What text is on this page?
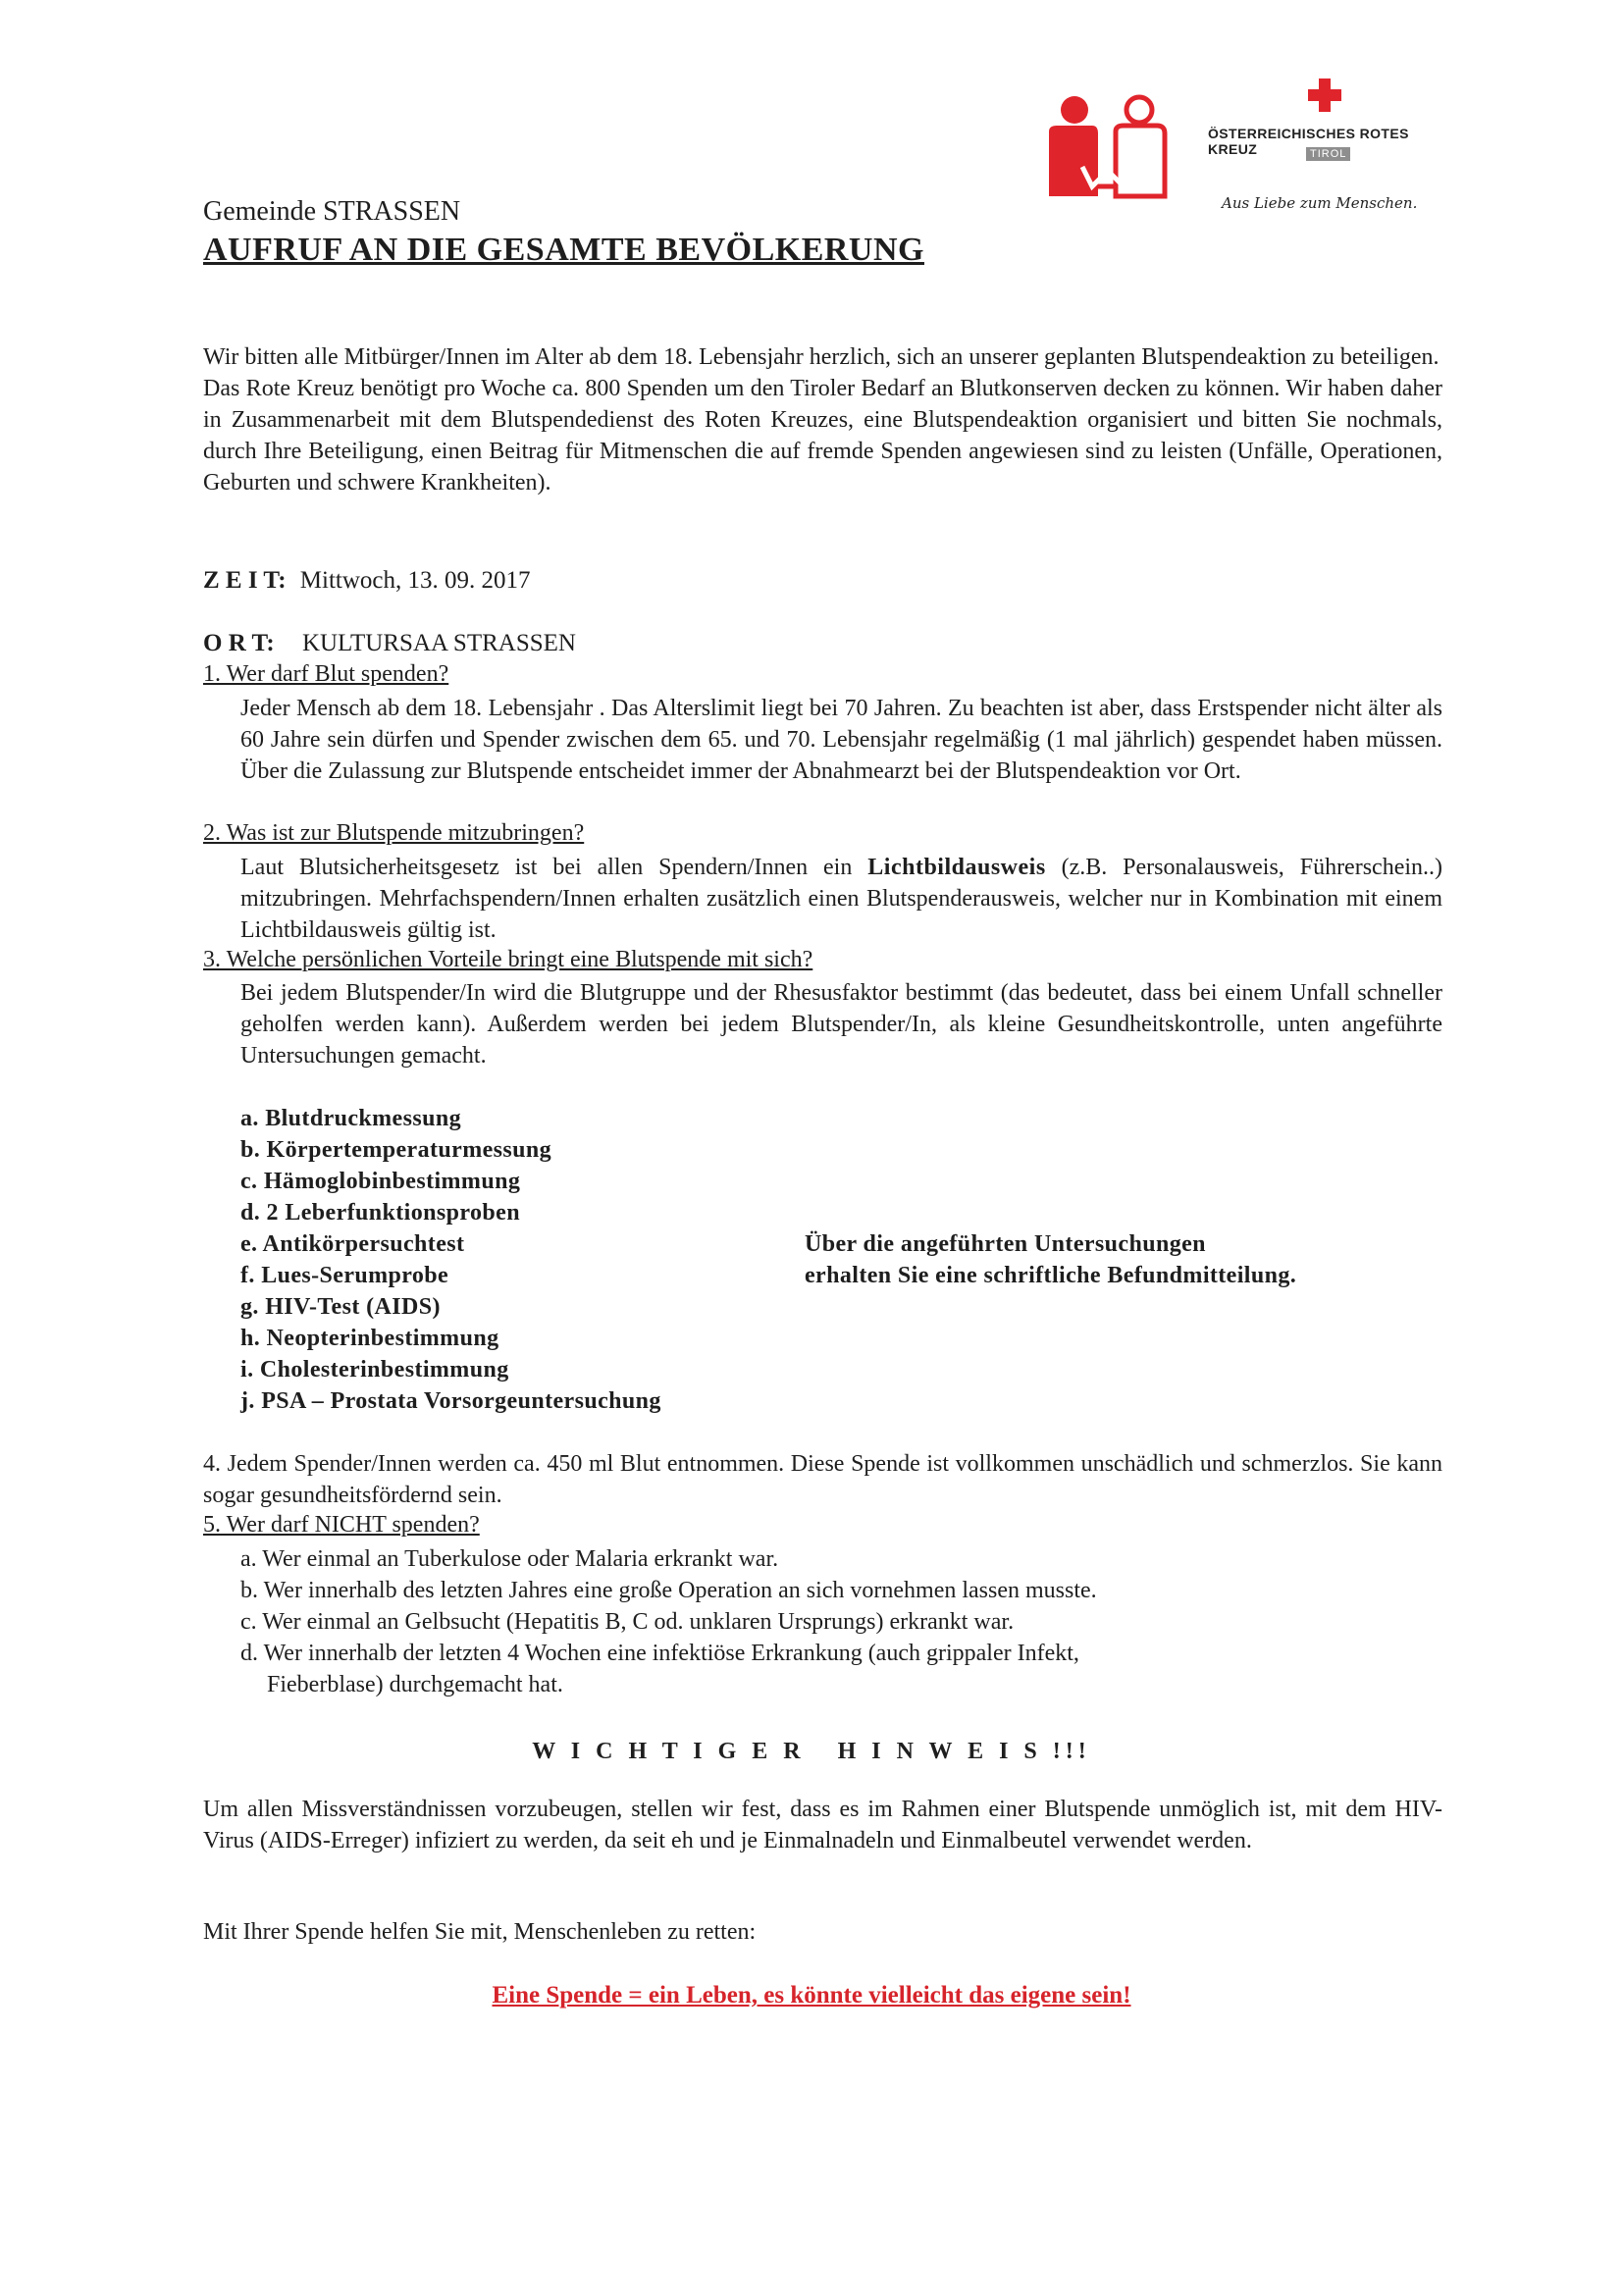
ÖSTERREICHISCHES ROTES KREUZ	TIROL
Aus Liebe zum Menschen.
Gemeinde STRASSEN
AUFRUF AN DIE GESAMTE BEVÖLKERUNG

Wir bitten alle Mitbürger/Innen im Alter ab dem 18. Lebensjahr herzlich, sich an unserer geplanten Blutspendeaktion zu beteiligen.

Das Rote Kreuz benötigt pro Woche ca. 800 Spenden um den Tiroler Bedarf an Blutkonserven decken zu können. Wir haben daher in Zusammenarbeit mit dem Blutspendedienst des Roten Kreuzes, eine Blutspendeaktion organisiert und bitten Sie nochmals, durch Ihre Beteiligung, einen Beitrag für Mitmenschen die auf fremde Spenden angewiesen sind zu leisten (Unfälle, Operationen, Geburten und schwere Krankheiten).

Z E I T: Mittwoch, 13. 09. 2017
O R T: KULTURSAA STRASSEN
1. Wer darf Blut spenden?

Jeder Mensch ab dem 18. Lebensjahr . Das Alterslimit liegt bei 70 Jahren. Zu beachten ist aber, dass Erstspender nicht älter als 60 Jahre sein dürfen und Spender zwischen dem 65. und 70. Lebensjahr regelmäßig (1 mal jährlich) gespendet haben müssen. Über die Zulassung zur Blutspende entscheidet immer der Abnahmearzt bei der Blutspendeaktion vor Ort.

2. Was ist zur Blutspende mitzubringen?

Laut Blutsicherheitsgesetz ist bei allen Spendern/Innen ein Lichtbildausweis (z.B. Personalausweis, Führerschein..) mitzubringen. Mehrfachspendern/Innen erhalten zusätzlich einen Blutspenderausweis, welcher nur in Kombination mit einem Lichtbildausweis gültig ist.

3. Welche persönlichen Vorteile bringt eine Blutspende mit sich?

Bei jedem Blutspender/In wird die Blutgruppe und der Rhesusfaktor bestimmt (das bedeutet, dass bei einem Unfall schneller geholfen werden kann). Außerdem werden bei jedem Blutspender/In, als kleine Gesundheitskontrolle, unten angeführte Untersuchungen gemacht.

a. Blutdruckmessung
b. Körpertemperaturmessung
c. Hämoglobinbestimmung
d. 2 Leberfunktionsproben
e. Antikörpersuchtest
f. Lues-Serumprobe
g. HIV-Test (AIDS)
h. Neopterinbestimmung
i. Cholesterinbestimmung
j. PSA – Prostata Vorsorgeuntersuchung
Über die angeführten Untersuchungen
erhalten Sie eine schriftliche Befundmitteilung.

4. Jedem Spender/Innen werden ca. 450 ml Blut entnommen. Diese Spende ist vollkommen unschädlich und schmerzlos. Sie kann sogar gesundheitsfördernd sein.

5. Wer darf NICHT spenden?
a. Wer einmal an Tuberkulose oder Malaria erkrankt war.
b. Wer innerhalb des letzten Jahres eine große Operation an sich vornehmen lassen musste.
c. Wer einmal an Gelbsucht (Hepatitis B, C od. unklaren Ursprungs) erkrankt war.
d. Wer innerhalb der letzten 4 Wochen eine infektiöse Erkrankung (auch grippaler Infekt,
Fieberblase) durchgemacht hat.
W I C H T I G E R   H I N W E I S !!!

Um allen Missverständnissen vorzubeugen, stellen wir fest, dass es im Rahmen einer Blutspende unmöglich ist, mit dem HIV-Virus (AIDS-Erreger) infiziert zu werden, da seit eh und je Einmalnadeln und Einmalbeutel verwendet werden.

Mit Ihrer Spende helfen Sie mit, Menschenleben zu retten:
Eine Spende = ein Leben, es könnte vielleicht das eigene sein!
